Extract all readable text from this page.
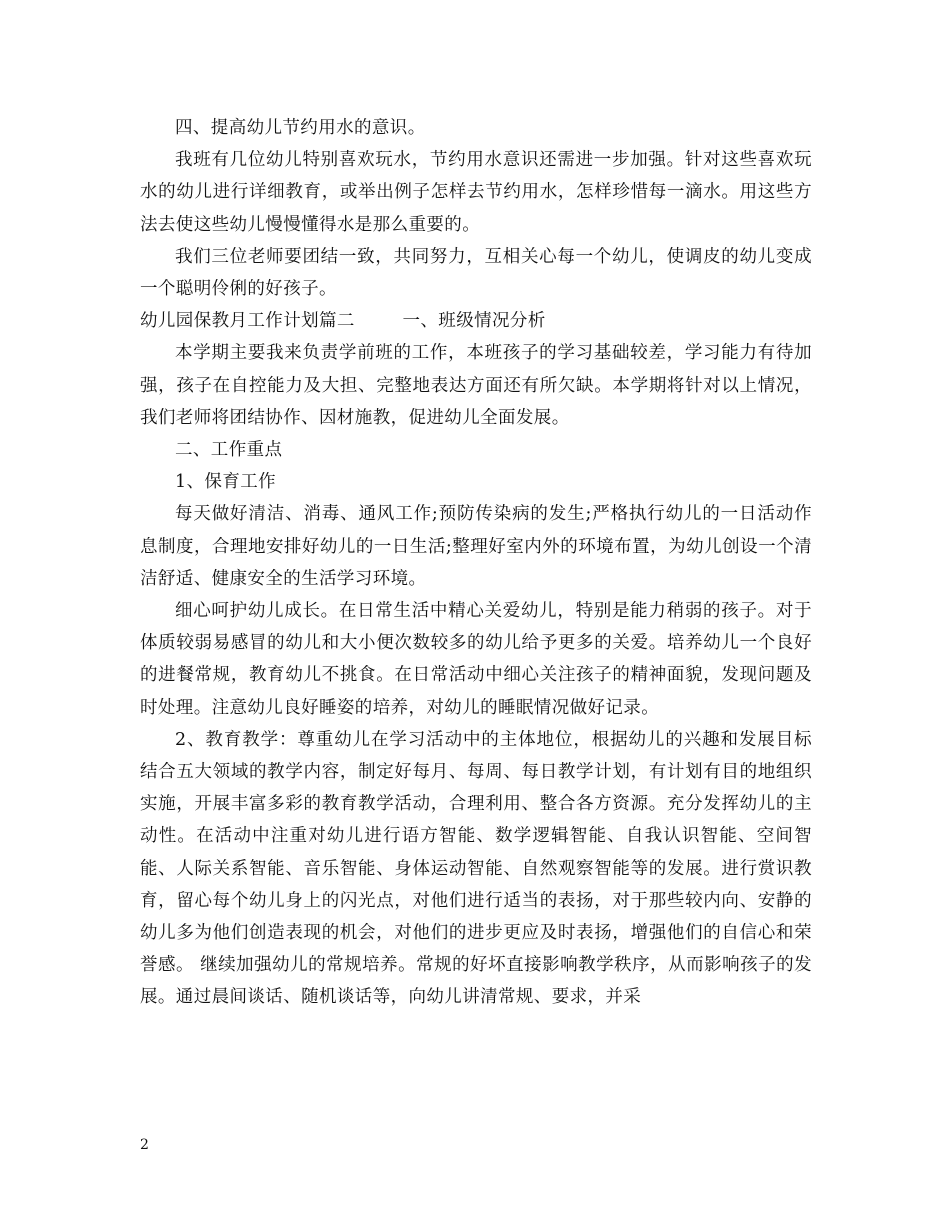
四、提高幼儿节约用水的意识。

我班有几位幼儿特别喜欢玩水，节约用水意识还需进一步加强。针对这些喜欢玩水的幼儿进行详细教育，或举出例子怎样去节约用水，怎样珍惜每一滴水。用这些方法去使这些幼儿慢慢懂得水是那么重要的。

我们三位老师要团结一致，共同努力，互相关心每一个幼儿，使调皮的幼儿变成一个聪明伶俐的好孩子。

幼儿园保教月工作计划篇二        一、班级情况分析

本学期主要我来负责学前班的工作，本班孩子的学习基础较差，学习能力有待加强，孩子在自控能力及大担、完整地表达方面还有所欠缺。本学期将针对以上情况，我们老师将团结协作、因材施教，促进幼儿全面发展。

二、工作重点

1、保育工作

每天做好清洁、消毒、通风工作;预防传染病的发生;严格执行幼儿的一日活动作息制度，合理地安排好幼儿的一日生活;整理好室内外的环境布置，为幼儿创设一个清洁舒适、健康安全的生活学习环境。

细心呵护幼儿成长。在日常生活中精心关爱幼儿，特别是能力稍弱的孩子。对于体质较弱易感冒的幼儿和大小便次数较多的幼儿给予更多的关爱。培养幼儿一个良好的进餐常规，教育幼儿不挑食。在日常活动中细心关注孩子的精神面貌，发现问题及时处理。注意幼儿良好睡姿的培养，对幼儿的睡眠情况做好记录。

2、教育教学：尊重幼儿在学习活动中的主体地位，根据幼儿的兴趣和发展目标结合五大领域的教学内容，制定好每月、每周、每日教学计划，有计划有目的地组织实施，开展丰富多彩的教育教学活动，合理利用、整合各方资源。充分发挥幼儿的主动性。在活动中注重对幼儿进行语方智能、数学逻辑智能、自我认识智能、空间智能、人际关系智能、音乐智能、身体运动智能、自然观察智能等的发展。进行赏识教育，留心每个幼儿身上的闪光点，对他们进行适当的表扬，对于那些较内向、安静的幼儿多为他们创造表现的机会，对他们的进步更应及时表扬，增强他们的自信心和荣誉感。 继续加强幼儿的常规培养。常规的好坏直接影响教学秩序，从而影响孩子的发展。通过晨间谈话、随机谈话等，向幼儿讲清常规、要求，并采

2
